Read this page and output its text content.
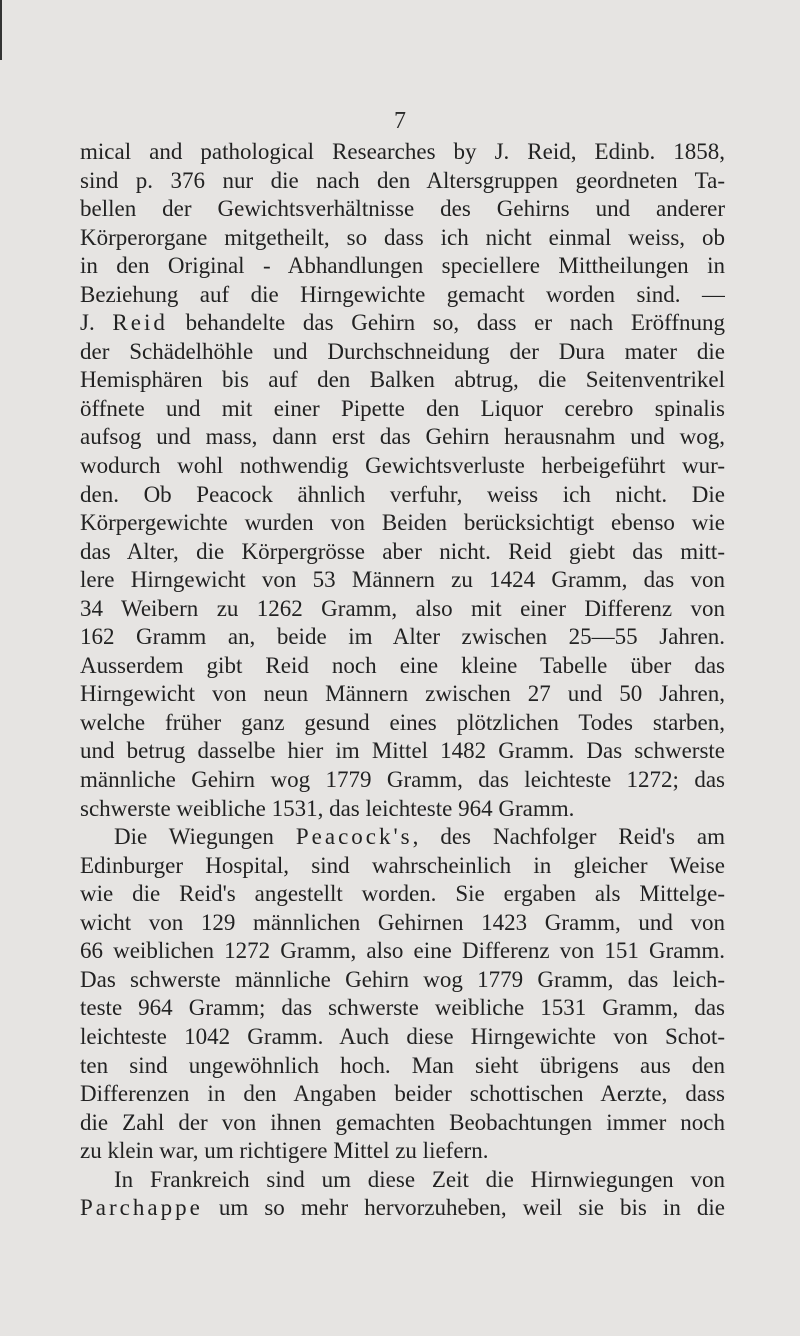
7
mical and pathological Researches by J. Reid, Edinb. 1858,
sind p. 376 nur die nach den Altersgruppen geordneten Ta-
bellen der Gewichtsverhältnisse des Gehirns und anderer
Körperorgane mitgetheilt, so dass ich nicht einmal weiss, ob
in den Original - Abhandlungen speciellere Mittheilungen in
Beziehung auf die Hirngewichte gemacht worden sind. —
J. Reid behandelte das Gehirn so, dass er nach Eröffnung
der Schädelhöhle und Durchschneidung der Dura mater die
Hemisphären bis auf den Balken abtrug, die Seitenventrikel
öffnete und mit einer Pipette den Liquor cerebro spinalis
aufsog und mass, dann erst das Gehirn herausnahm und wog,
wodurch wohl nothwendig Gewichtsverluste herbeigeführt wur-
den. Ob Peacock ähnlich verfuhr, weiss ich nicht. Die
Körpergewichte wurden von Beiden berücksichtigt ebenso wie
das Alter, die Körpergrösse aber nicht. Reid giebt das mitt-
lere Hirngewicht von 53 Männern zu 1424 Gramm, das von
34 Weibern zu 1262 Gramm, also mit einer Differenz von
162 Gramm an, beide im Alter zwischen 25—55 Jahren.
Ausserdem gibt Reid noch eine kleine Tabelle über das
Hirngewicht von neun Männern zwischen 27 und 50 Jahren,
welche früher ganz gesund eines plötzlichen Todes starben,
und betrug dasselbe hier im Mittel 1482 Gramm. Das schwerste
männliche Gehirn wog 1779 Gramm, das leichteste 1272; das
schwerste weibliche 1531, das leichteste 964 Gramm.
Die Wiegungen Peacock's, des Nachfolger Reid's am
Edinburger Hospital, sind wahrscheinlich in gleicher Weise
wie die Reid's angestellt worden. Sie ergaben als Mittelge-
wicht von 129 männlichen Gehirnen 1423 Gramm, und von
66 weiblichen 1272 Gramm, also eine Differenz von 151 Gramm.
Das schwerste männliche Gehirn wog 1779 Gramm, das leich-
teste 964 Gramm; das schwerste weibliche 1531 Gramm, das
leichteste 1042 Gramm. Auch diese Hirngewichte von Schot-
ten sind ungewöhnlich hoch. Man sieht übrigens aus den
Differenzen in den Angaben beider schottischen Aerzte, dass
die Zahl der von ihnen gemachten Beobachtungen immer noch
zu klein war, um richtigere Mittel zu liefern.
In Frankreich sind um diese Zeit die Hirnwiegungen von
Parchappe um so mehr hervorzuheben, weil sie bis in die
